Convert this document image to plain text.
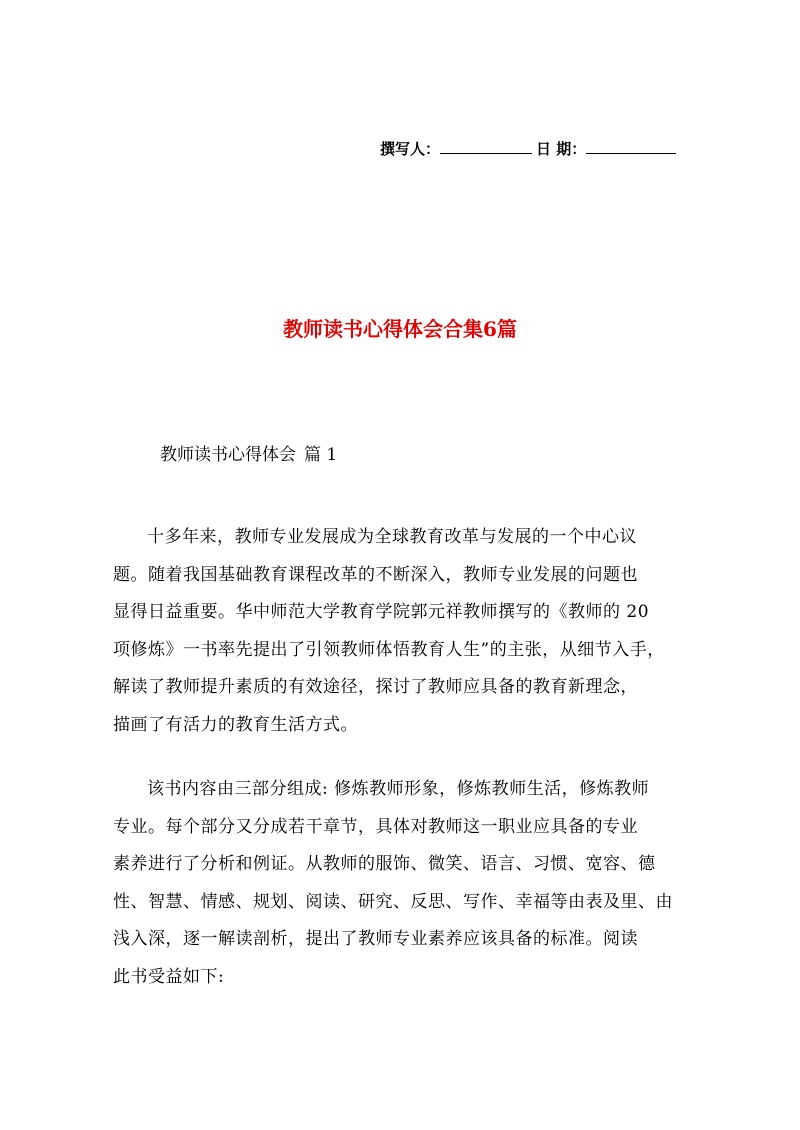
撰写人：	日 期：
教师读书心得体会合集6篇
教师读书心得体会 篇 1
十多年来，教师专业发展成为全球教育改革与发展的一个中心议
题。随着我国基础教育课程改革的不断深入，教师专业发展的问题也
显得日益重要。华中师范大学教育学院郭元祥教师撰写的《教师的 20
项修炼》一书率先提出了引领教师体悟教育人生”的主张，从细节入手，
解读了教师提升素质的有效途径，探讨了教师应具备的教育新理念，
描画了有活力的教育生活方式。
该书内容由三部分组成: 修炼教师形象，修炼教师生活，修炼教师
专业。每个部分又分成若干章节，具体对教师这一职业应具备的专业
素养进行了分析和例证。从教师的服饰、微笑、语言、习惯、宽容、德
性、智慧、情感、规划、阅读、研究、反思、写作、幸福等由表及里、由
浅入深，逐一解读剖析，提出了教师专业素养应该具备的标准。阅读
此书受益如下:
